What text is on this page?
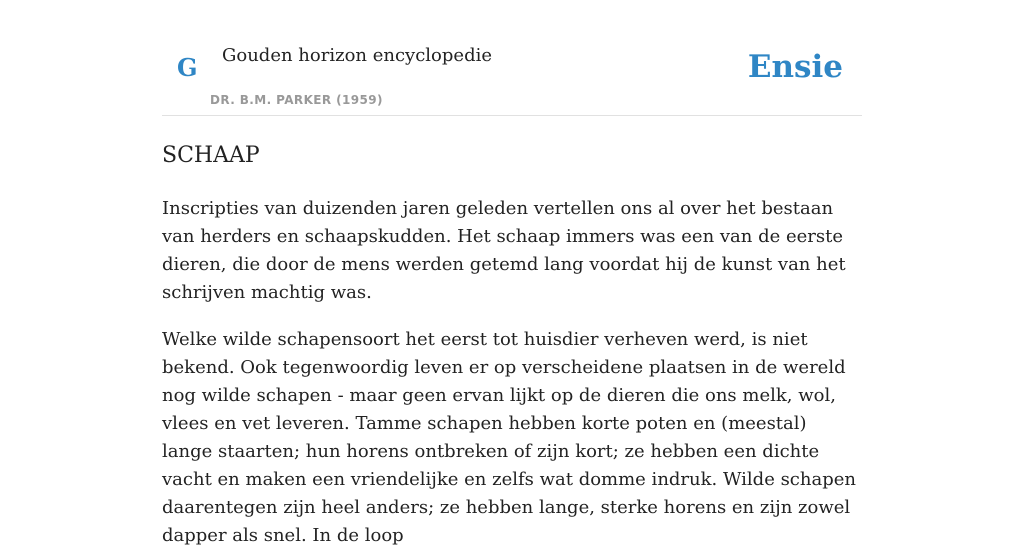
G Gouden horizon encyclopedie
DR. B.M. PARKER (1959)
Ensie
SCHAAP

Inscripties van duizenden jaren geleden vertellen ons al over het bestaan van herders en schaapskudden. Het schaap immers was een van de eerste dieren, die door de mens werden getemd lang voordat hij de kunst van het schrijven machtig was.

Welke wilde schapensoort het eerst tot huisdier verheven werd, is niet bekend. Ook tegenwoordig leven er op verscheidene plaatsen in de wereld nog wilde schapen - maar geen ervan lijkt op de dieren die ons melk, wol, vlees en vet leveren. Tamme schapen hebben korte poten en (meestal) lange staarten; hun horens ontbreken of zijn kort; ze hebben een dichte vacht en maken een vriendelijke en zelfs wat domme indruk. Wilde schapen daarentegen zijn heel anders; ze hebben lange, sterke horens en zijn zowel dapper als snel. In de loop
